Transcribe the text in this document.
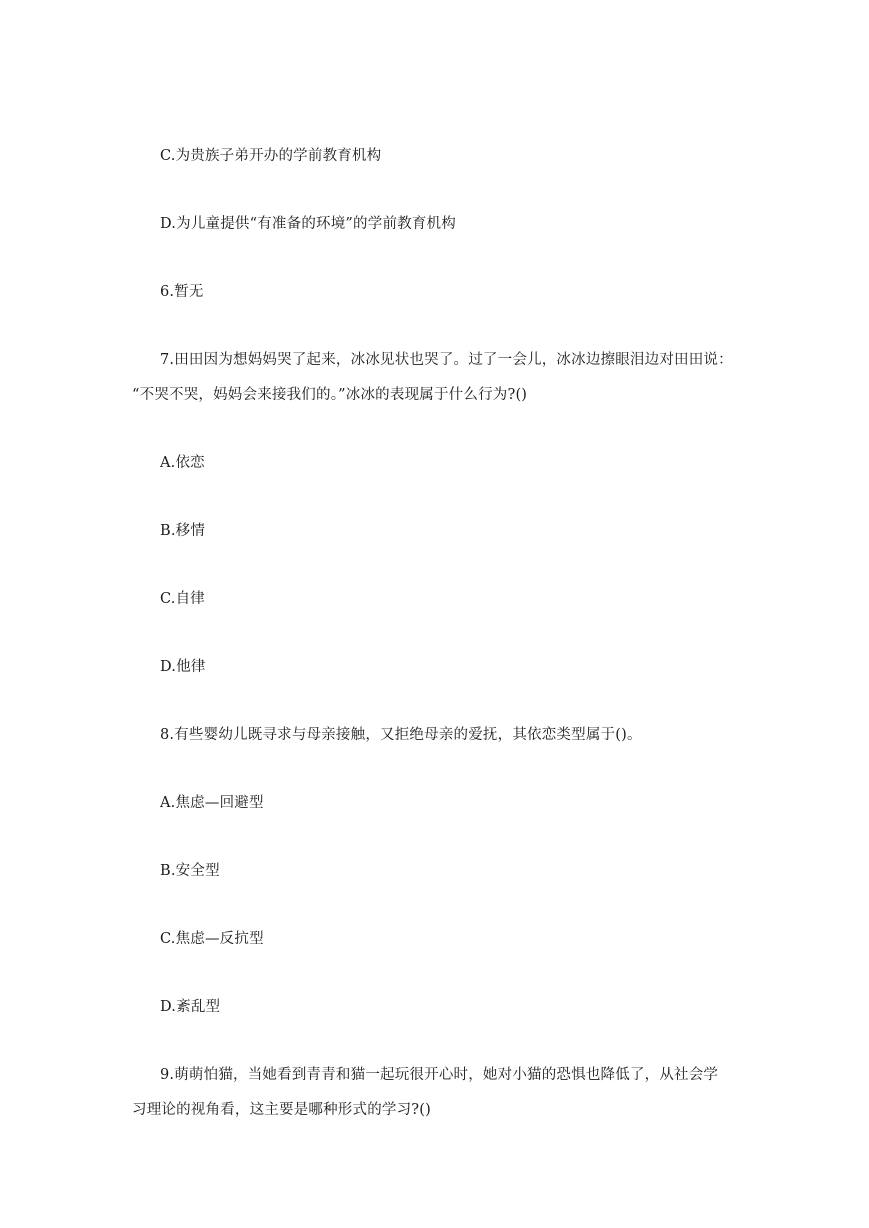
C.为贵族子弟开办的学前教育机构
D.为儿童提供“有准备的环境”的学前教育机构
6.暂无
7.田田因为想妈妈哭了起来，冰冰见状也哭了。过了一会儿，冰冰边擦眼泪边对田田说：
“不哭不哭，妈妈会来接我们的。”冰冰的表现属于什么行为?()
A.依恋
B.移情
C.自律
D.他律
8.有些婴幼儿既寻求与母亲接触，又拒绝母亲的爱抚，其依恋类型属于()。
A.焦虑—回避型
B.安全型
C.焦虑—反抗型
D.紊乱型
9.萌萌怕猫，当她看到青青和猫一起玩很开心时，她对小猫的恐惧也降低了，从社会学
习理论的视角看，这主要是哪种形式的学习?()
